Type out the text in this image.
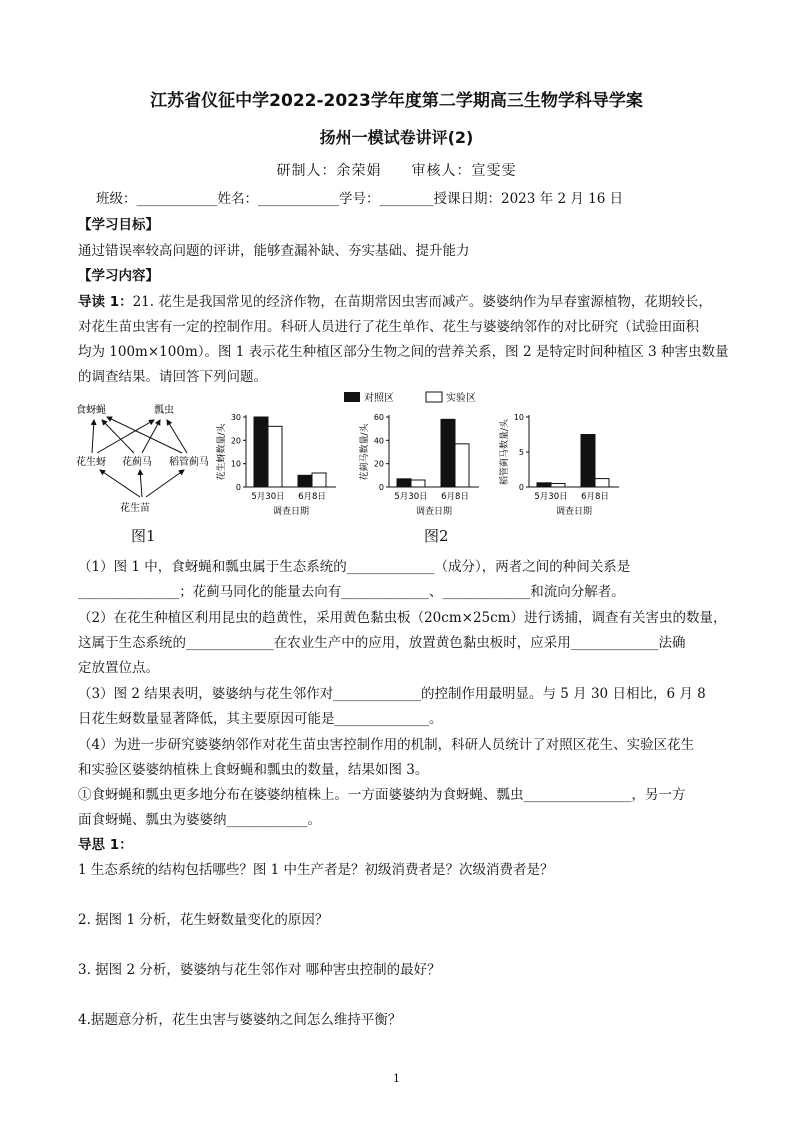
江苏省仪征中学2022-2023学年度第二学期高三生物学科导学案
扬州一模试卷讲评(2)
研制人：余荣娟　　审核人：宣雯雯
班级：____________姓名：____________学号：________授课日期：2023 年 2 月 16 日
【学习目标】
通过错误率较高问题的评讲，能够查漏补缺、夯实基础、提升能力
【学习内容】
导读 1：21. 花生是我国常见的经济作物，在苗期常因虫害而减产。婆婆纳作为早春蜜源植物，花期较长，
对花生苗虫害有一定的控制作用。科研人员进行了花生单作、花生与婆婆纳邻作的对比研究（试验田面积
均为 100m×100m）。图 1 表示花生种植区部分生物之间的营养关系，图 2 是特定时间种植区 3 种害虫数量
的调查结果。请回答下列问题。
食蚜蝇	瓢虫
花生蚜 花蓟马 稻管蓟马
花生苗
图1
对照区	实验区
花生蚜数量/头
0
10
20
30
5月30日 6月8日
调查日期
花蓟马数量/头
0
20
40
60
5月30日 6月8日
调查日期
稻管蓟马数量/头
0
5
10
5月30日 6月8日
调查日期
图2
（1）图 1 中，食蚜蝇和瓢虫属于生态系统的_____________（成分），两者之间的种间关系是
_______________；花蓟马同化的能量去向有_____________、_____________和流向分解者。
（2）在花生种植区利用昆虫的趋黄性，采用黄色黏虫板（20cm×25cm）进行诱捕，调查有关害虫的数量，
这属于生态系统的_____________在农业生产中的应用，放置黄色黏虫板时，应采用_____________法确
定放置位点。
（3）图 2 结果表明，婆婆纳与花生邻作对_____________的控制作用最明显。与 5 月 30 日相比，6 月 8
日花生蚜数量显著降低，其主要原因可能是______________。
（4）为进一步研究婆婆纳邻作对花生苗虫害控制作用的机制，科研人员统计了对照区花生、实验区花生
和实验区婆婆纳植株上食蚜蝇和瓢虫的数量，结果如图 3。
①食蚜蝇和瓢虫更多地分布在婆婆纳植株上。一方面婆婆纳为食蚜蝇、瓢虫________________，另一方
面食蚜蝇、瓢虫为婆婆纳____________。
导思 1：
1 生态系统的结构包括哪些？图 1 中生产者是？初级消费者是？次级消费者是？
2. 据图 1 分析，花生蚜数量变化的原因？
3. 据图 2 分析，婆婆纳与花生邻作对 哪种害虫控制的最好？
4.据题意分析，花生虫害与婆婆纳之间怎么维持平衡？
1
